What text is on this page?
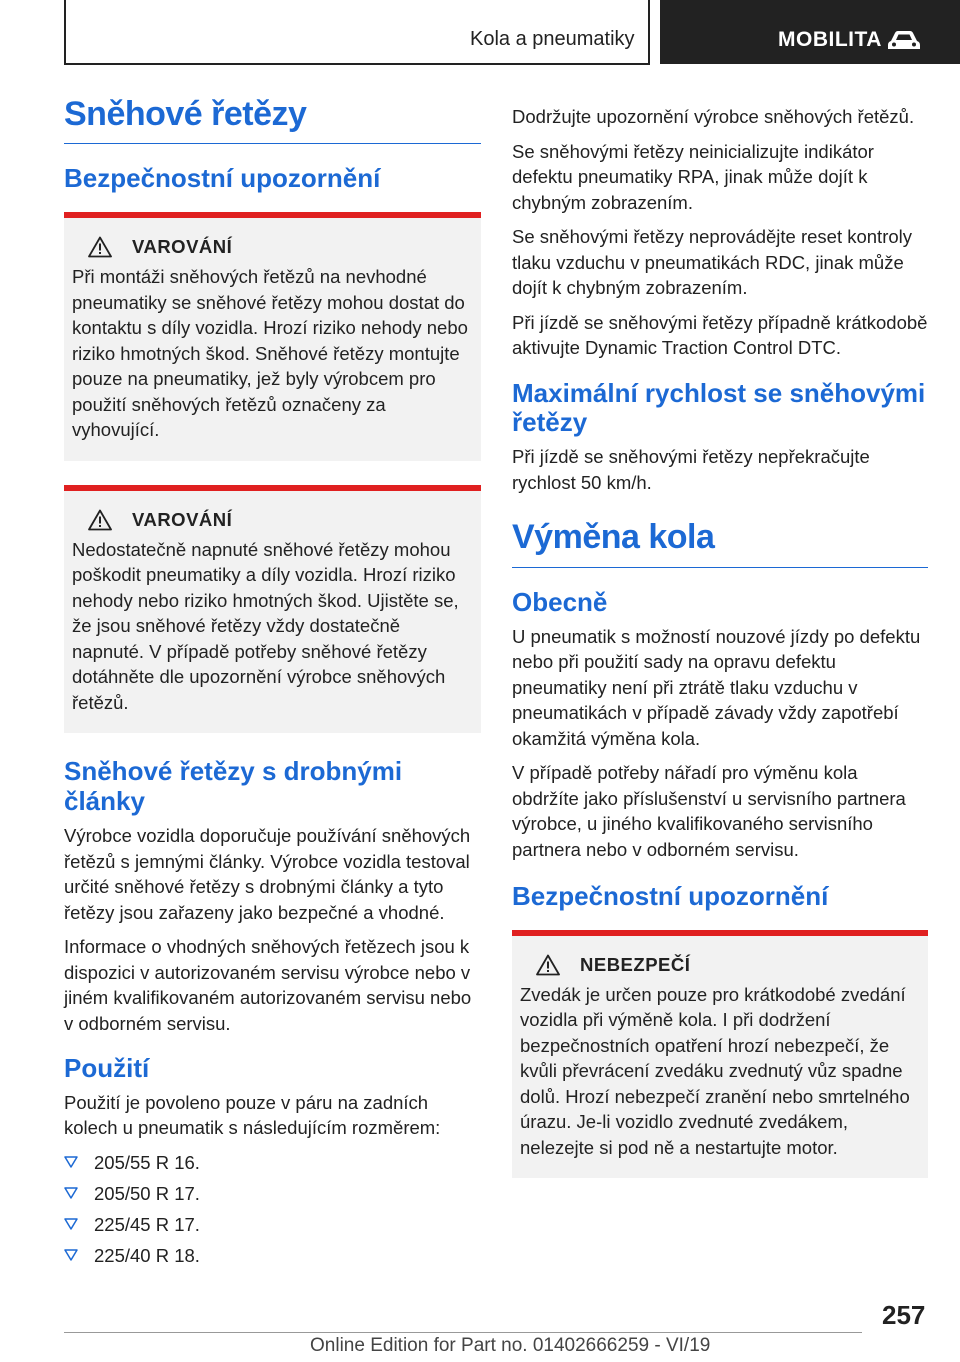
Kola a pneumatiky	MOBILITA
Sněhové řetězy
Bezpečnostní upozornění
VAROVÁNÍ

Při montáži sněhových řetězů na nevhodné pneumatiky se sněhové řetězy mohou dostat do kontaktu s díly vozidla. Hrozí riziko nehody nebo riziko hmotných škod. Sněhové řetězy montujte pouze na pneumatiky, jež byly výrobcem pro použití sněhových řetězů označeny za vyhovující.

VAROVÁNÍ

Nedostatečně napnuté sněhové řetězy mohou poškodit pneumatiky a díly vozidla. Hrozí riziko nehody nebo riziko hmotných škod. Ujistěte se, že jsou sněhové řetězy vždy dostatečně napnuté. V případě potřeby sněhové řetězy dotáhněte dle upozornění výrobce sněhových řetězů.

Sněhové řetězy s drobnými články

Výrobce vozidla doporučuje používání sněhových řetězů s jemnými články. Výrobce vozidla testoval určité sněhové řetězy s drobnými články a tyto řetězy jsou zařazeny jako bezpečné a vhodné.

Informace o vhodných sněhových řetězech jsou k dispozici v autorizovaném servisu výrobce nebo v jiném kvalifikovaném autorizovaném servisu nebo v odborném servisu.

Použití

Použití je povoleno pouze v páru na zadních kolech u pneumatik s následujícím rozměrem:

205/55 R 16.
205/50 R 17.
225/45 R 17.
225/40 R 18.

Dodržujte upozornění výrobce sněhových řetězů.

Se sněhovými řetězy neinicializujte indikátor defektu pneumatiky RPA, jinak může dojít k chybným zobrazením.

Se sněhovými řetězy neprovádějte reset kontroly tlaku vzduchu v pneumatikách RDC, jinak může dojít k chybným zobrazením.

Při jízdě se sněhovými řetězy případně krátkodobě aktivujte Dynamic Traction Control DTC.

Maximální rychlost se sněhovými řetězy

Při jízdě se sněhovými řetězy nepřekračujte rychlost 50 km/h.

Výměna kola
Obecně

U pneumatik s možností nouzové jízdy po defektu nebo při použití sady na opravu defektu pneumatiky není při ztrátě tlaku vzduchu v pneumatikách v případě závady vždy zapotřebí okamžitá výměna kola.

V případě potřeby nářadí pro výměnu kola obdržíte jako příslušenství u servisního partnera výrobce, u jiného kvalifikovaného servisního partnera nebo v odborném servisu.

Bezpečnostní upozornění
NEBEZPEČÍ

Zvedák je určen pouze pro krátkodobé zvedání vozidla při výměně kola. I při dodržení bezpečnostních opatření hrozí nebezpečí, že kvůli převrácení zvedáku zvednutý vůz spadne dolů. Hrozí nebezpečí zranění nebo smrtelného úrazu. Je-li vozidlo zvednuté zvedákem, nelezejte si pod ně a nestartujte motor.

257
Online Edition for Part no. 01402666259 - VI/19
